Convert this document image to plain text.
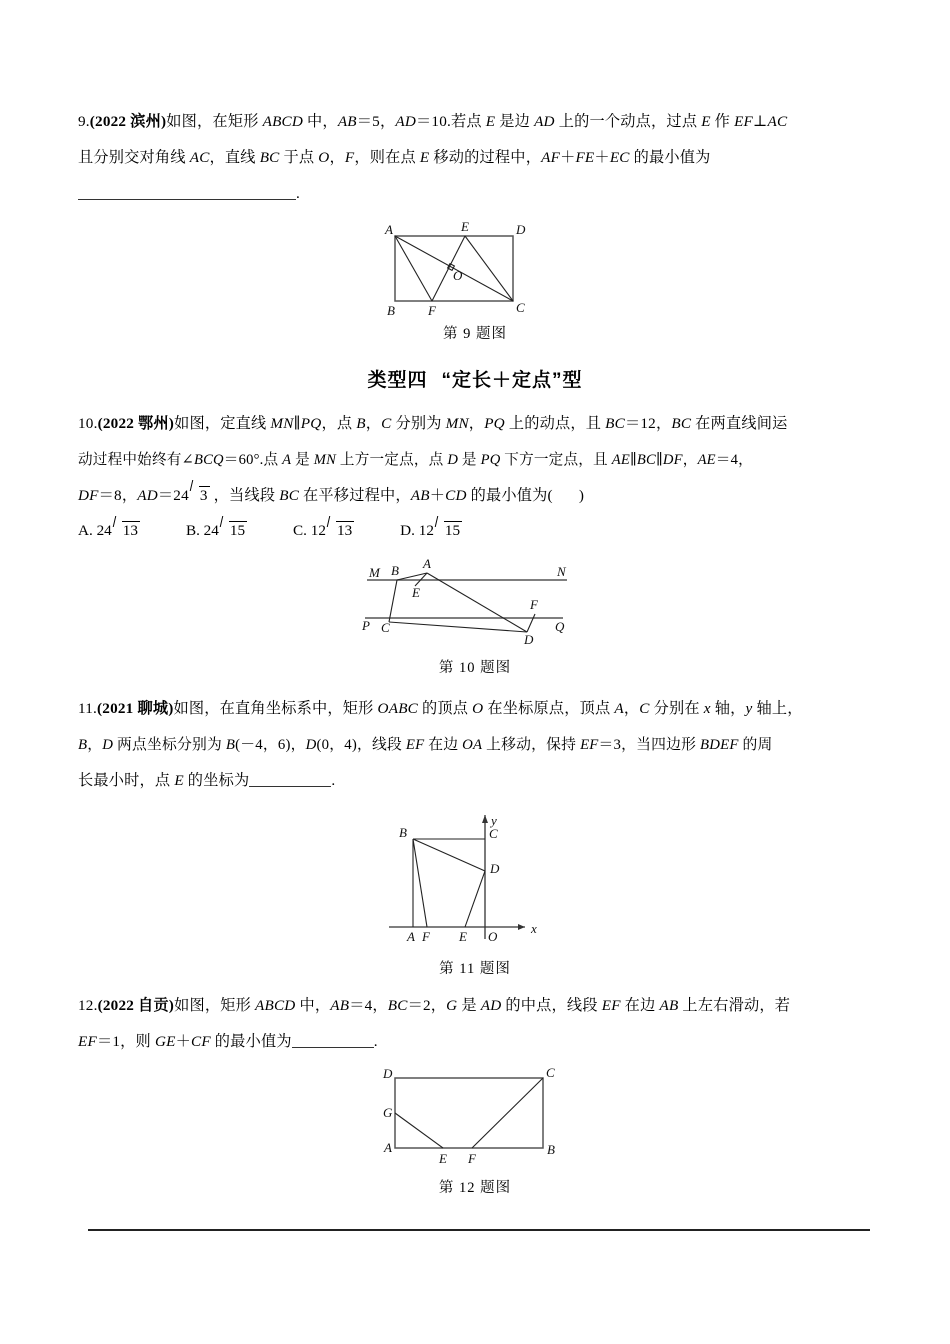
9.(2022 滨州)如图，在矩形 ABCD 中，AB＝5，AD＝10.若点 E 是边 AD 上的一个动点，过点 E 作 EF⊥AC
且分别交对角线 AC，直线 BC 于点 O，F，则在点 E 移动的过程中，AF＋FE＋EC 的最小值为
.
A	E	D
O
B	F	C
第 9 题图
类型四 “定长＋定点”型
10.(2022 鄂州)如图，定直线 MN∥PQ，点 B，C 分别为 MN，PQ 上的动点，且 BC＝12，BC 在两直线间运
动过程中始终有∠BCQ＝60°.点 A 是 MN 上方一定点，点 D 是 PQ 下方一定点，且 AE∥BC∥DF，AE＝4，
DF＝8，AD＝24 3 ，当线段 BC 在平移过程中，AB＋CD 的最小值为( )
A. 24 13	B. 24 15	C. 12 13	D. 12 15
M B A
N
E
F
P C	Q
D
第 10 题图
11.(2021 聊城)如图，在直角坐标系中，矩形 OABC 的顶点 O 在坐标原点，顶点 A，C 分别在 x 轴，y 轴上，
B，D 两点坐标分别为 B(－4，6)，D(0，4)，线段 EF 在边 OA 上移动，保持 EF＝3，当四边形 BDEF 的周
长最小时，点 E 的坐标为	.
B	C
D
A F E O
y
x
第 11 题图
12.(2022 自贡)如图，矩形 ABCD 中，AB＝4，BC＝2，G 是 AD 的中点，线段 EF 在边 AB 上左右滑动，若
EF＝1，则 GE＋CF 的最小值为	.
D	C
G
A
E F
B
第 12 题图
